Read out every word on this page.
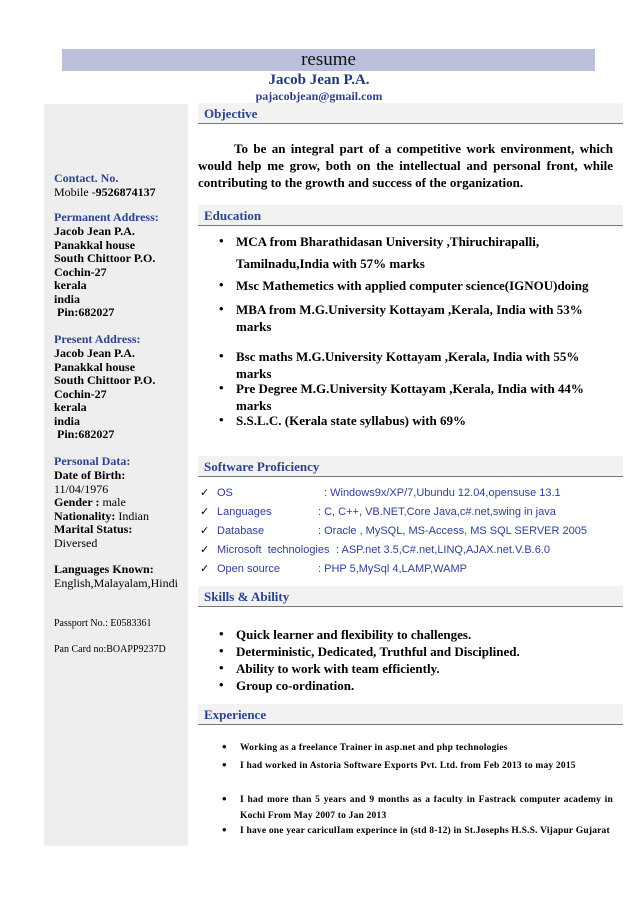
resume
Jacob Jean P.A.
pajacobjean@gmail.com
Contact. No.
Mobile -9526874137
Permanent Address:
Jacob Jean P.A.
Panakkal house
South Chittoor P.O.
Cochin-27
kerala
india
Pin:682027
Present Address:
Jacob Jean P.A.
Panakkal house
South Chittoor P.O.
Cochin-27
kerala
india
Pin:682027
Personal Data:
Date of Birth:
11/04/1976
Gender : male
Nationality: Indian
Marital Status:
Diversed
Languages Known:
English,Malayalam,Hindi
Passport No.: E0583361
Pan Card no:BOAPP9237D
Objective
To be an integral part of a competitive work environment, which would help me grow, both on the intellectual and personal front, while contributing to the growth and success of the organization.
Education
• MCA from Bharathidasan University ,Thiruchirapalli,
Tamilnadu,India with 57% marks
• Msc Mathemetics with applied computer science(IGNOU)doing
• MBA from M.G.University Kottayam ,Kerala, India with 53% marks
• Bsc maths M.G.University Kottayam ,Kerala, India with 55% marks
• Pre Degree M.G.University Kottayam ,Kerala, India with 44% marks
• S.S.L.C. (Kerala state syllabus) with 69%
Software Proficiency
✓ OS	: Windows9x/XP/7,Ubundu 12.04,opensuse 13.1
✓ Languages	: C, C++, VB.NET,Core Java,c#.net,swing in java
✓ Database	: Oracle , MySQL, MS-Access, MS SQL SERVER 2005
✓ Microsoft  technologies : ASP.net 3.5,C#.net,LINQ,AJAX.net.V.B.6.0
✓ Open source	: PHP 5,MySql 4,LAMP,WAMP
Skills & Ability
• Quick learner and flexibility to challenges.
• Deterministic, Dedicated, Truthful and Disciplined.
• Ability to work with team efficiently.
• Group co-ordination.
Experience
• Working as a freelance Trainer in asp.net and php technologies
• I had worked in Astoria Software Exports Pvt. Ltd. from Feb 2013 to may 2015
• I had more than 5 years and 9 months as a faculty in Fastrack computer academy in Kochi From May 2007 to Jan 2013
• I have one year cariculIam experince in (std 8-12) in St.Josephs H.S.S. Vijapur Gujarat
